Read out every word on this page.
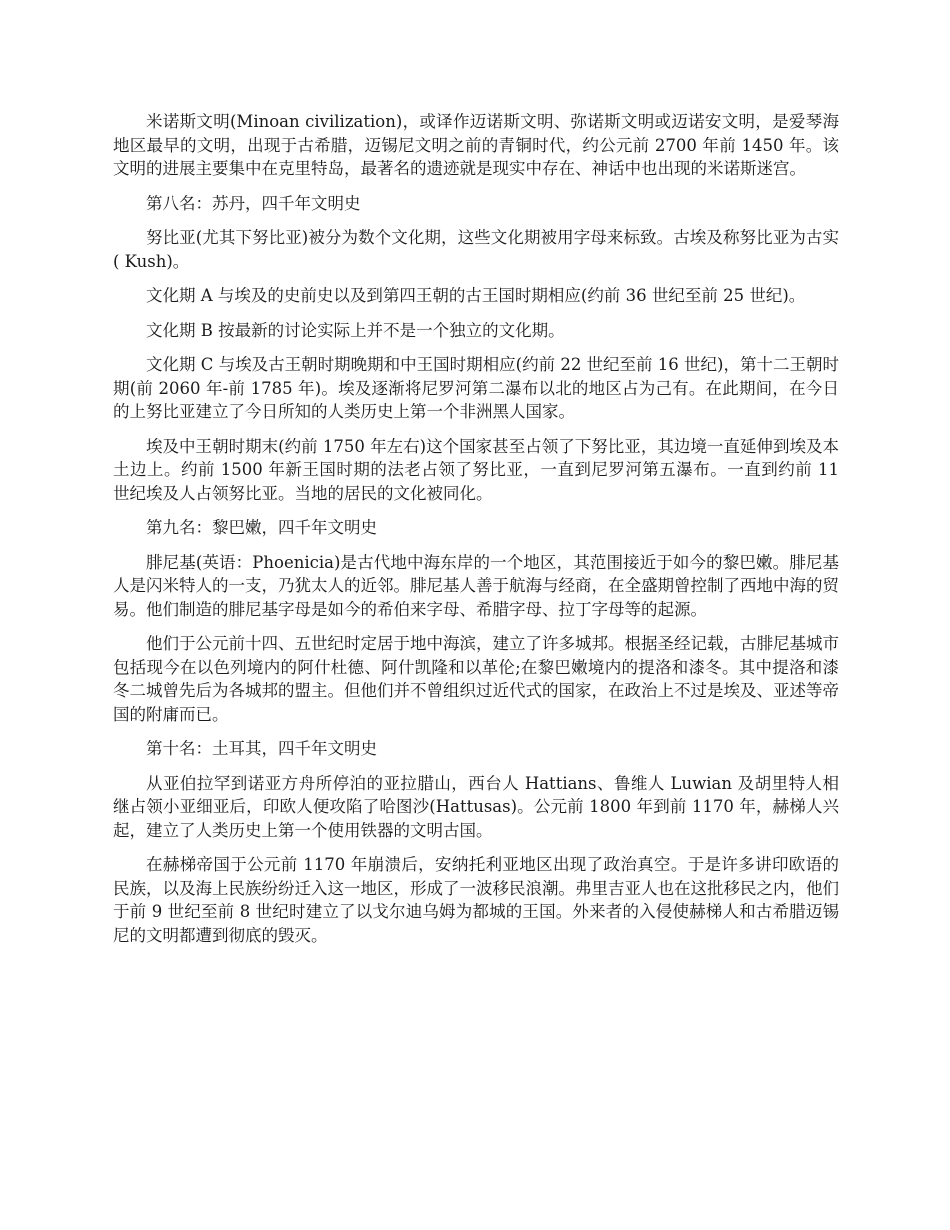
米诺斯文明(Minoan civilization)，或译作迈诺斯文明、弥诺斯文明或迈诺安文明，是爱琴海地区最早的文明，出现于古希腊，迈锡尼文明之前的青铜时代，约公元前 2700 年前 1450 年。该文明的进展主要集中在克里特岛，最著名的遗迹就是现实中存在、神话中也出现的米诺斯迷宫。

第八名：苏丹，四千年文明史

努比亚(尤其下努比亚)被分为数个文化期，这些文化期被用字母来标致。古埃及称努比亚为古实( Kush)。

文化期 A 与埃及的史前史以及到第四王朝的古王国时期相应(约前 36 世纪至前 25 世纪)。

文化期 B 按最新的讨论实际上并不是一个独立的文化期。

文化期 C 与埃及古王朝时期晚期和中王国时期相应(约前 22 世纪至前 16 世纪)，第十二王朝时期(前 2060 年-前 1785 年)。埃及逐渐将尼罗河第二瀑布以北的地区占为己有。在此期间，在今日的上努比亚建立了今日所知的人类历史上第一个非洲黑人国家。

埃及中王朝时期末(约前 1750 年左右)这个国家甚至占领了下努比亚，其边境一直延伸到埃及本土边上。约前 1500 年新王国时期的法老占领了努比亚，一直到尼罗河第五瀑布。一直到约前 11 世纪埃及人占领努比亚。当地的居民的文化被同化。

第九名：黎巴嫩，四千年文明史

腓尼基(英语：Phoenicia)是古代地中海东岸的一个地区，其范围接近于如今的黎巴嫩。腓尼基人是闪米特人的一支，乃犹太人的近邻。腓尼基人善于航海与经商，在全盛期曾控制了西地中海的贸易。他们制造的腓尼基字母是如今的希伯来字母、希腊字母、拉丁字母等的起源。

他们于公元前十四、五世纪时定居于地中海滨，建立了许多城邦。根据圣经记载，古腓尼基城市包括现今在以色列境内的阿什杜德、阿什凯隆和以革伦;在黎巴嫩境内的提洛和漆冬。其中提洛和漆冬二城曾先后为各城邦的盟主。但他们并不曾组织过近代式的国家，在政治上不过是埃及、亚述等帝国的附庸而已。

第十名：土耳其，四千年文明史

从亚伯拉罕到诺亚方舟所停泊的亚拉腊山，西台人 Hattians、鲁维人 Luwian 及胡里特人相继占领小亚细亚后，印欧人便攻陷了哈图沙(Hattusas)。公元前 1800 年到前 1170 年，赫梯人兴起，建立了人类历史上第一个使用铁器的文明古国。

在赫梯帝国于公元前 1170 年崩溃后，安纳托利亚地区出现了政治真空。于是许多讲印欧语的民族，以及海上民族纷纷迁入这一地区，形成了一波移民浪潮。弗里吉亚人也在这批移民之内，他们于前 9 世纪至前 8 世纪时建立了以戈尔迪乌姆为都城的王国。外来者的入侵使赫梯人和古希腊迈锡尼的文明都遭到彻底的毁灭。
